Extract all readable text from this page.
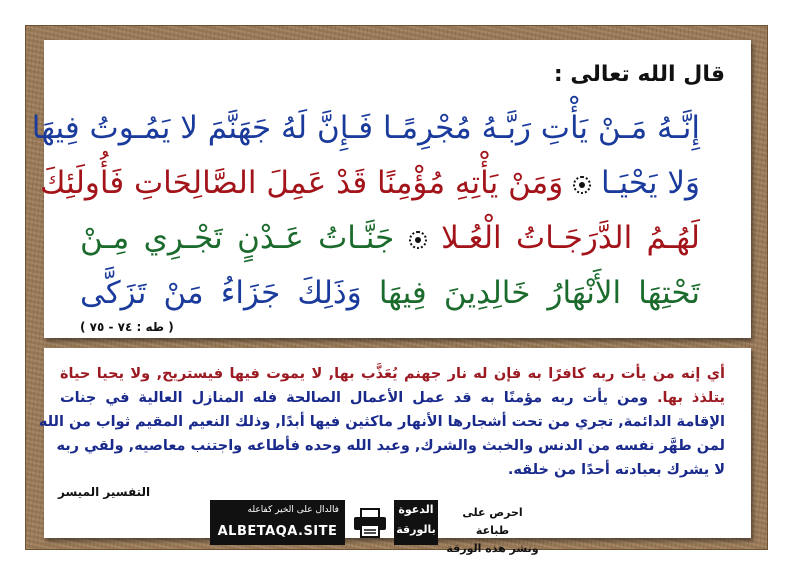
قال الله تعالى :
إِنَّـهُ مَـنْ يَأْتِ رَبَّـهُ مُجْرِمًـا فَـإِنَّ لَهُ جَهَنَّمَ لا يَمُـوتُ فِيهَا
وَلا يَحْيَـا  وَمَنْ يَأْتِهِ مُؤْمِنًا قَدْ عَمِلَ الصَّالِحَاتِ فَأُولَئِكَ
لَهُـمُ الدَّرَجَـاتُ الْعُـلا  جَنَّـاتُ عَـدْنٍ تَجْـرِي مِـنْ
تَحْتِهَا الأَنْهَارُ خَالِدِينَ فِيهَا وَذَلِكَ جَزَاءُ مَنْ تَزَكَّى
( طه : ٧٤ - ٧٥ )
أي إنه من يأت ربه كافرًا به فإن له نار جهنم يُعَذَّب بها, لا يموت فيها فيستريح, ولا يحيا حياة
يتلذذ بها. ومن يأت ربه مؤمنًا به قد عمل الأعمال الصالحة فله المنازل العالية في جنات
الإقامة الدائمة, تجري من تحت أشجارها الأنهار ماكثين فيها أبدًا, وذلك النعيم المقيم ثواب من الله
لمن طهَّر نفسه من الدنس والخبث والشرك, وعبد الله وحده فأطاعه واجتنب معاصيه, ولقي ربه
لا يشرك بعبادته أحدًا من خلقه.
التفسير الميسر
فالدال على الخير كفاعله
ALBETAQA.SITE
الدعوة
بالورقة
احرص على طباعة
ونشر هذه الورقة
